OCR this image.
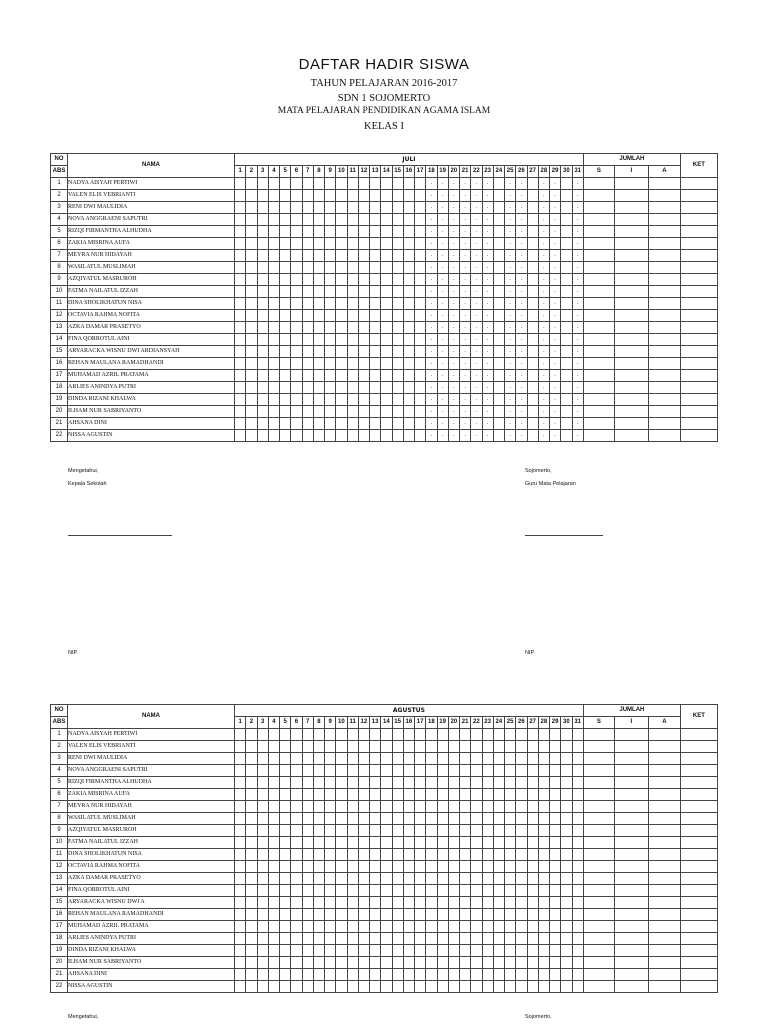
DAFTAR HADIR SISWA
TAHUN PELAJARAN 2016-2017
SDN 1 SOJOMERTO
MATA PELAJARAN PENDIDIKAN AGAMA ISLAM
KELAS I
NO	NAMA	JULI																															JUMLAH			KET
ABS		1	2	3	4	5	6	7	8	9	10	11	12	13	14	15	16	17	18	19	20	21	22	23	24	25	26	27	28	29	30	31	S	I	A	
1	NADYA AISYAH PERTIWI																		.	.	.	.	.	.		.	.		.	.		.				
2	VALEN ELIS VEBRIANTI																		.	.	.	.	.	.		.	.		.	.		.				
3	RENI DWI MAULIDIA																		.	.	.	.	.	.		.	.		.	.		.				
4	NOVA ANGGRAENI SAPUTRI																		.	.	.	.	.	.		.	.		.	.		.				
5	RIZQI FIRMANTHA ALHUDHA																		.	.	.	.	.	.		.	.		.	.		.				
6	ZAKIA MISRINA AUFA																		.	.	.	.	.	.		.	.		.	.		.				
7	MEYRA NUR HIDAYAH																		.	.	.	.	.	.		.	.		.	.		.				
8	WASILATUL MUSLIMAH																		.	.	.	.	.	.		.	.		.	.		.				
9	AZQIYATUL MASRUROH																		.	.	.	.	.	.		.	.		.	.		.				
10	FATMA NAILATUL IZZAH																		.	.	.	.	.	.		.	.		.	.		.				
11	DINA SHOLIKHATUN NISA																		.	.	.	.	.	.		.	.		.	.		.				
12	OCTAVIA RAHMA NOFITA																		.	.	.	.	.	.		.	.		.	.		.				
13	AZKA DAMAR PRASETYO																		.	.	.	.	.	.		.	.		.	.		.				
14	FINA QORROTUL AINI																		.	.	.	.	.	.		.	.		.	.		.				
15	ARYARACKA WISNU DWI ARDIANSYAH																		.	.	.	.	.	.		.	.		.	.		.				
16	REHAN MAULANA RAMADHANDI																		.	.	.	.	.	.		.	.		.	.		.				
17	MUHAMAD AZRIL PRATAMA																		.	.	.	.	.	.		.	.		.	.		.				
18	ARLIES ANINDYA PUTRI																		.	.	.	.	.	.		.	.		.	.		.				
19	DINDA RIZANI KHALWA																		.	.	.	.	.	.		.	.		.	.		.				
20	ILHAM NUR SABRIYANTO																		.	.	.	.	.	.		.	.		.	.		.				
21	AHSANA DINI																		.	.	.	.	.	.		.	.		.	.		.				
22	NISSA AGUSTIN																		.	.	.	.	.	.		.	.		.	.		.				
NO	NAMA	AGUSTUS																															JUMLAH			KET
ABS		1	2	3	4	5	6	7	8	9	10	11	12	13	14	15	16	17	18	19	20	21	22	23	24	25	26	27	28	29	30	31	S	I	A	
1	NADYA AISYAH PERTIWI																																			
2	VALEN ELIS VEBRIANTI																																			
3	RENI DWI MAULIDIA																																			
4	NOVA ANGGRAENI SAPUTRI																																			
5	RIZQI FIRMANTHA ALHUDHA																																			
6	ZAKIA MISRINA AUFA																																			
7	MEYRA NUR HIDAYAH																																			
8	WASILATUL MUSLIMAH																																			
9	AZQIYATUL MASRUROH																																			
10	FATMA NAILATUL IZZAH																																			
11	DINA SHOLIKHATUN NISA																																			
12	OCTAVIA RAHMA NOFITA																																			
13	AZKA DAMAR PRASETYO																																			
14	FINA QORROTUL AINI																																			
15	ARYARACKA WISNU DWI A																																			
16	REHAN MAULANA RAMADHANDI																																			
17	MUHAMAD AZRIL PRATAMA																																			
18	ARLIES ANINDYA PUTRI																																			
19	DINDA RIZANI KHALWA																																			
20	ILHAM NUR SABRIYANTO																																			
21	AHSANA DINI																																			
22	NISSA AGUSTIN																																			
Mengetahui,
Kepala Sekolah
Sojomerto,
Guru Mata Pelajaran
NIP.	NIP.
Mengetahui,	Sojomerto,
